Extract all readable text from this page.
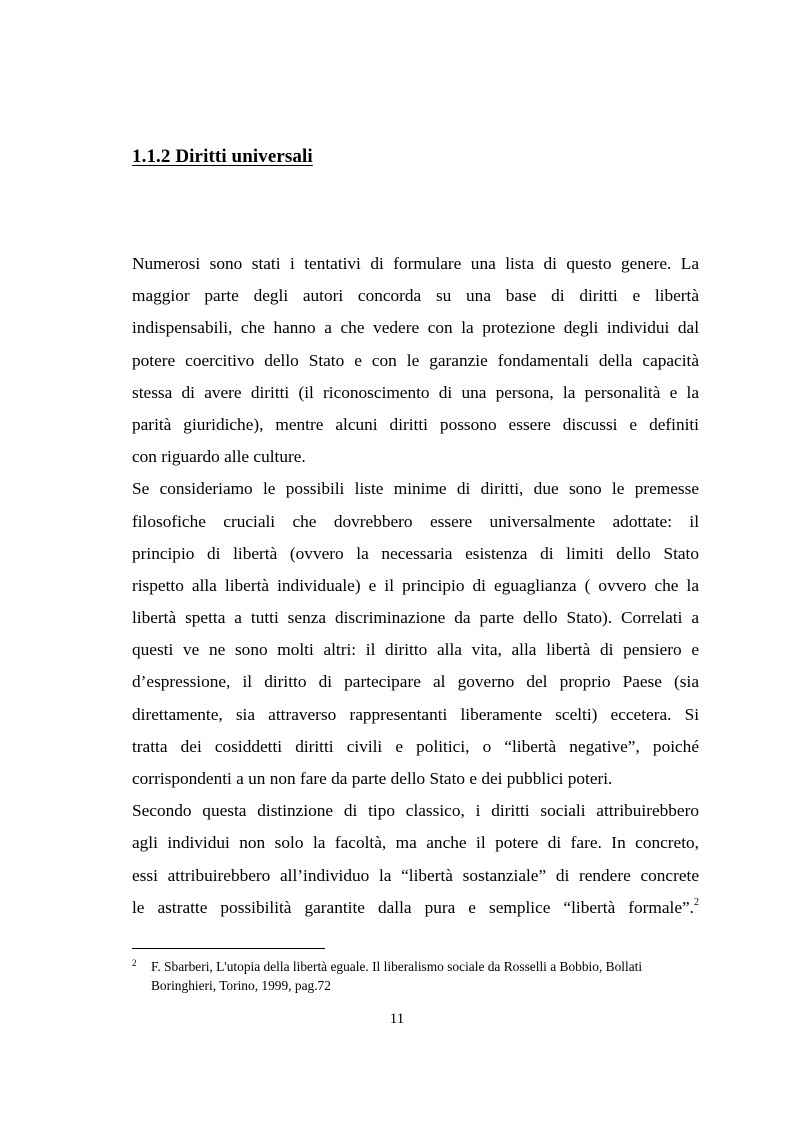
1.1.2 Diritti universali
Numerosi sono stati i tentativi di formulare una lista di questo genere. La
maggior parte degli autori concorda su una base di diritti e libertà
indispensabili, che hanno a che vedere con la protezione degli individui dal
potere coercitivo dello Stato e con le garanzie fondamentali della capacità
stessa di avere diritti (il riconoscimento di una persona, la personalità e la
parità giuridiche), mentre alcuni diritti possono essere discussi e definiti
con riguardo alle culture.
Se consideriamo le possibili liste minime di diritti, due sono le premesse
filosofiche cruciali che dovrebbero essere universalmente adottate: il
principio di libertà (ovvero la necessaria esistenza di limiti dello Stato
rispetto alla libertà individuale) e il principio di eguaglianza ( ovvero che la
libertà spetta a tutti senza discriminazione da parte dello Stato). Correlati a
questi ve ne sono molti altri: il diritto alla vita, alla libertà di pensiero e
d’espressione, il diritto di partecipare al governo del proprio Paese (sia
direttamente, sia attraverso rappresentanti liberamente scelti) eccetera. Si
tratta dei cosiddetti diritti civili e politici, o “libertà negative”, poiché
corrispondenti a un non fare da parte dello Stato e dei pubblici poteri.
Secondo questa distinzione di tipo classico, i diritti sociali attribuirebbero
agli individui non solo la facoltà, ma anche il potere di fare. In concreto,
essi attribuirebbero all’individuo la “libertà sostanziale” di rendere concrete
le astratte possibilità garantite dalla pura e semplice “libertà formale”.$^2$
2 F. Sbarberi, L'utopia della libertà eguale. Il liberalismo sociale da Rosselli a Bobbio, Bollati
Boringhieri, Torino, 1999, pag.72
11
